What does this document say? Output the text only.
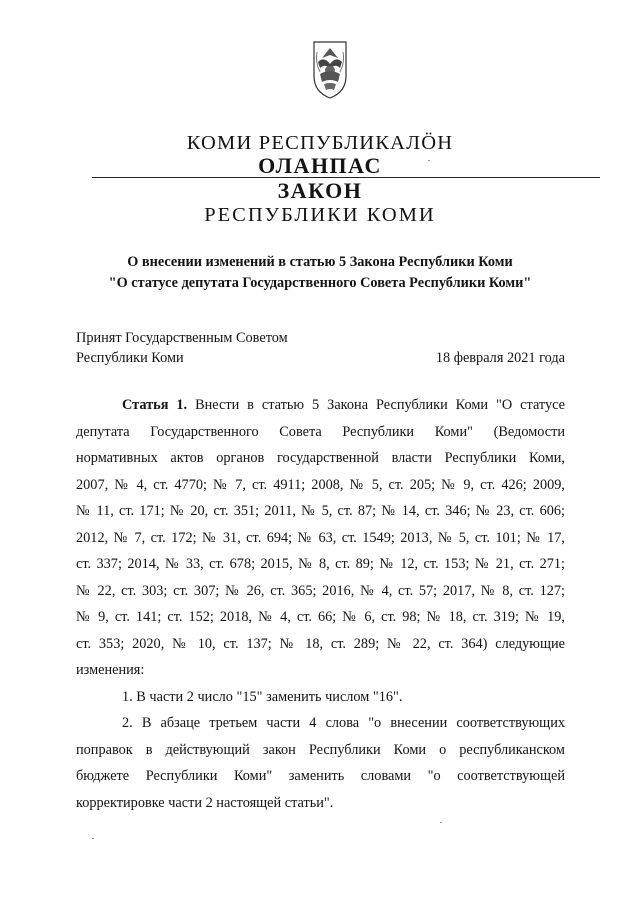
КОМИ РЕСПУБЛИКАЛÖН
ОЛАНПАС
ЗАКОН
РЕСПУБЛИКИ КОМИ
О внесении изменений в статью 5 Закона Республики Коми
"О статусе депутата Государственного Совета Республики Коми"
Принят Государственным Советом
Республики Коми	18 февраля 2021 года
Статья 1. Внести в статью 5 Закона Республики Коми "О статусе
депутата Государственного Совета Республики Коми" (Ведомости
нормативных актов органов государственной власти Республики Коми,
2007, № 4, ст. 4770; № 7, ст. 4911; 2008, № 5, ст. 205; № 9, ст. 426; 2009,
№ 11, ст. 171; № 20, ст. 351; 2011, № 5, ст. 87; № 14, ст. 346; № 23, ст. 606;
2012, № 7, ст. 172; № 31, ст. 694; № 63, ст. 1549; 2013, № 5, ст. 101; № 17,
ст. 337; 2014, № 33, ст. 678; 2015, № 8, ст. 89; № 12, ст. 153; № 21, ст. 271;
№ 22, ст. 303; ст. 307; № 26, ст. 365; 2016, № 4, ст. 57; 2017, № 8, ст. 127;
№ 9, ст. 141; ст. 152; 2018, № 4, ст. 66; № 6, ст. 98; № 18, ст. 319; № 19,
ст. 353; 2020, № 10, ст. 137; № 18, ст. 289; № 22, ст. 364) следующие
изменения:
1. В части 2 число "15" заменить числом "16".
2. В абзаце третьем части 4 слова "о внесении соответствующих
поправок в действующий закон Республики Коми о республиканском
бюджете Республики Коми" заменить словами "о соответствующей
корректировке части 2 настоящей статьи".
